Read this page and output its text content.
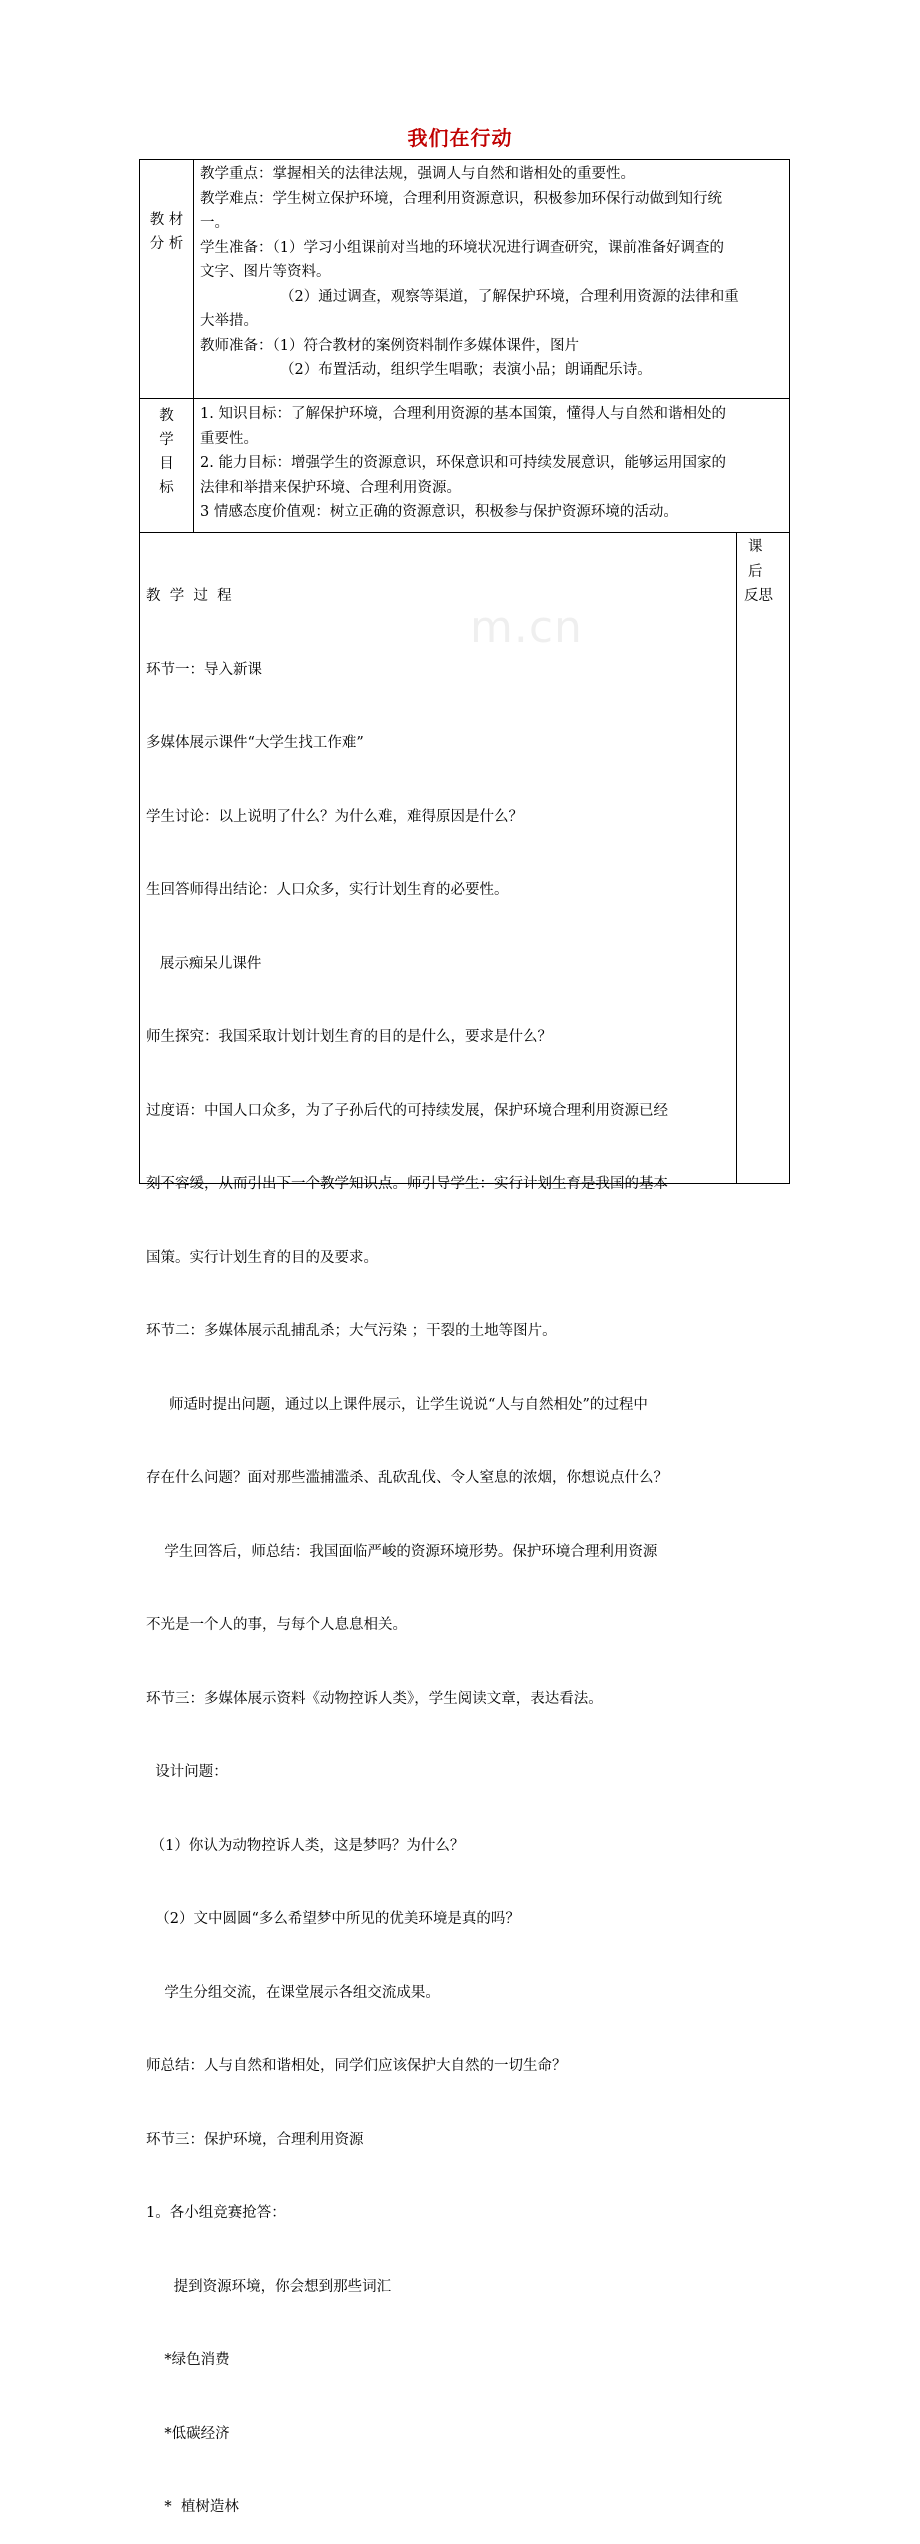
我们在行动
m.cn
教 材
分 析
教学重点：掌握相关的法律法规，强调人与自然和谐相处的重要性。
教学难点：学生树立保护环境，合理利用资源意识，积极参加环保行动做到知行统
一。
学生准备：（1）学习小组课前对当地的环境状况进行调查研究，课前准备好调查的
文字、图片等资料。
（2）通过调查，观察等渠道，了解保护环境，合理利用资源的法律和重
大举措。
教师准备：（1）符合教材的案例资料制作多媒体课件，图片
（2）布置活动，组织学生唱歌；表演小品；朗诵配乐诗。
教
学
目
标
1. 知识目标：了解保护环境，合理利用资源的基本国策，懂得人与自然和谐相处的
重要性。
2. 能力目标：增强学生的资源意识，环保意识和可持续发展意识，能够运用国家的
法律和举措来保护环境、合理利用资源。
3 情感态度价值观：树立正确的资源意识，积极参与保护资源环境的活动。

教  学  过  程

环节一：导入新课

多媒体展示课件“大学生找工作难”

学生讨论：以上说明了什么？为什么难，难得原因是什么？

生回答师得出结论：人口众多，实行计划生育的必要性。

展示痴呆儿课件

师生探究：我国采取计划计划生育的目的是什么，要求是什么？

过度语：中国人口众多，为了子孙后代的可持续发展，保护环境合理利用资源已经

刻不容缓，从而引出下一个教学知识点。师引导学生：实行计划生育是我国的基本

国策。实行计划生育的目的及要求。

环节二：多媒体展示乱捕乱杀；大气污染 ；干裂的土地等图片。

师适时提出问题，通过以上课件展示，让学生说说“人与自然相处”的过程中

存在什么问题？面对那些滥捕滥杀、乱砍乱伐、令人窒息的浓烟，你想说点什么？

学生回答后，师总结：我国面临严峻的资源环境形势。保护环境合理利用资源

不光是一个人的事，与每个人息息相关。

环节三：多媒体展示资料《动物控诉人类》，学生阅读文章，表达看法。

设计问题：

（1）你认为动物控诉人类，这是梦吗？为什么？

（2）文中圆圆“多么希望梦中所见的优美环境是真的吗？

学生分组交流，在课堂展示各组交流成果。

师总结：人与自然和谐相处，同学们应该保护大自然的一切生命？

环节三：保护环境，合理利用资源

1。各小组竞赛抢答：

提到资源环境，你会想到那些词汇

*绿色消费

*低碳经济

*  植树造林

课
后
反思
